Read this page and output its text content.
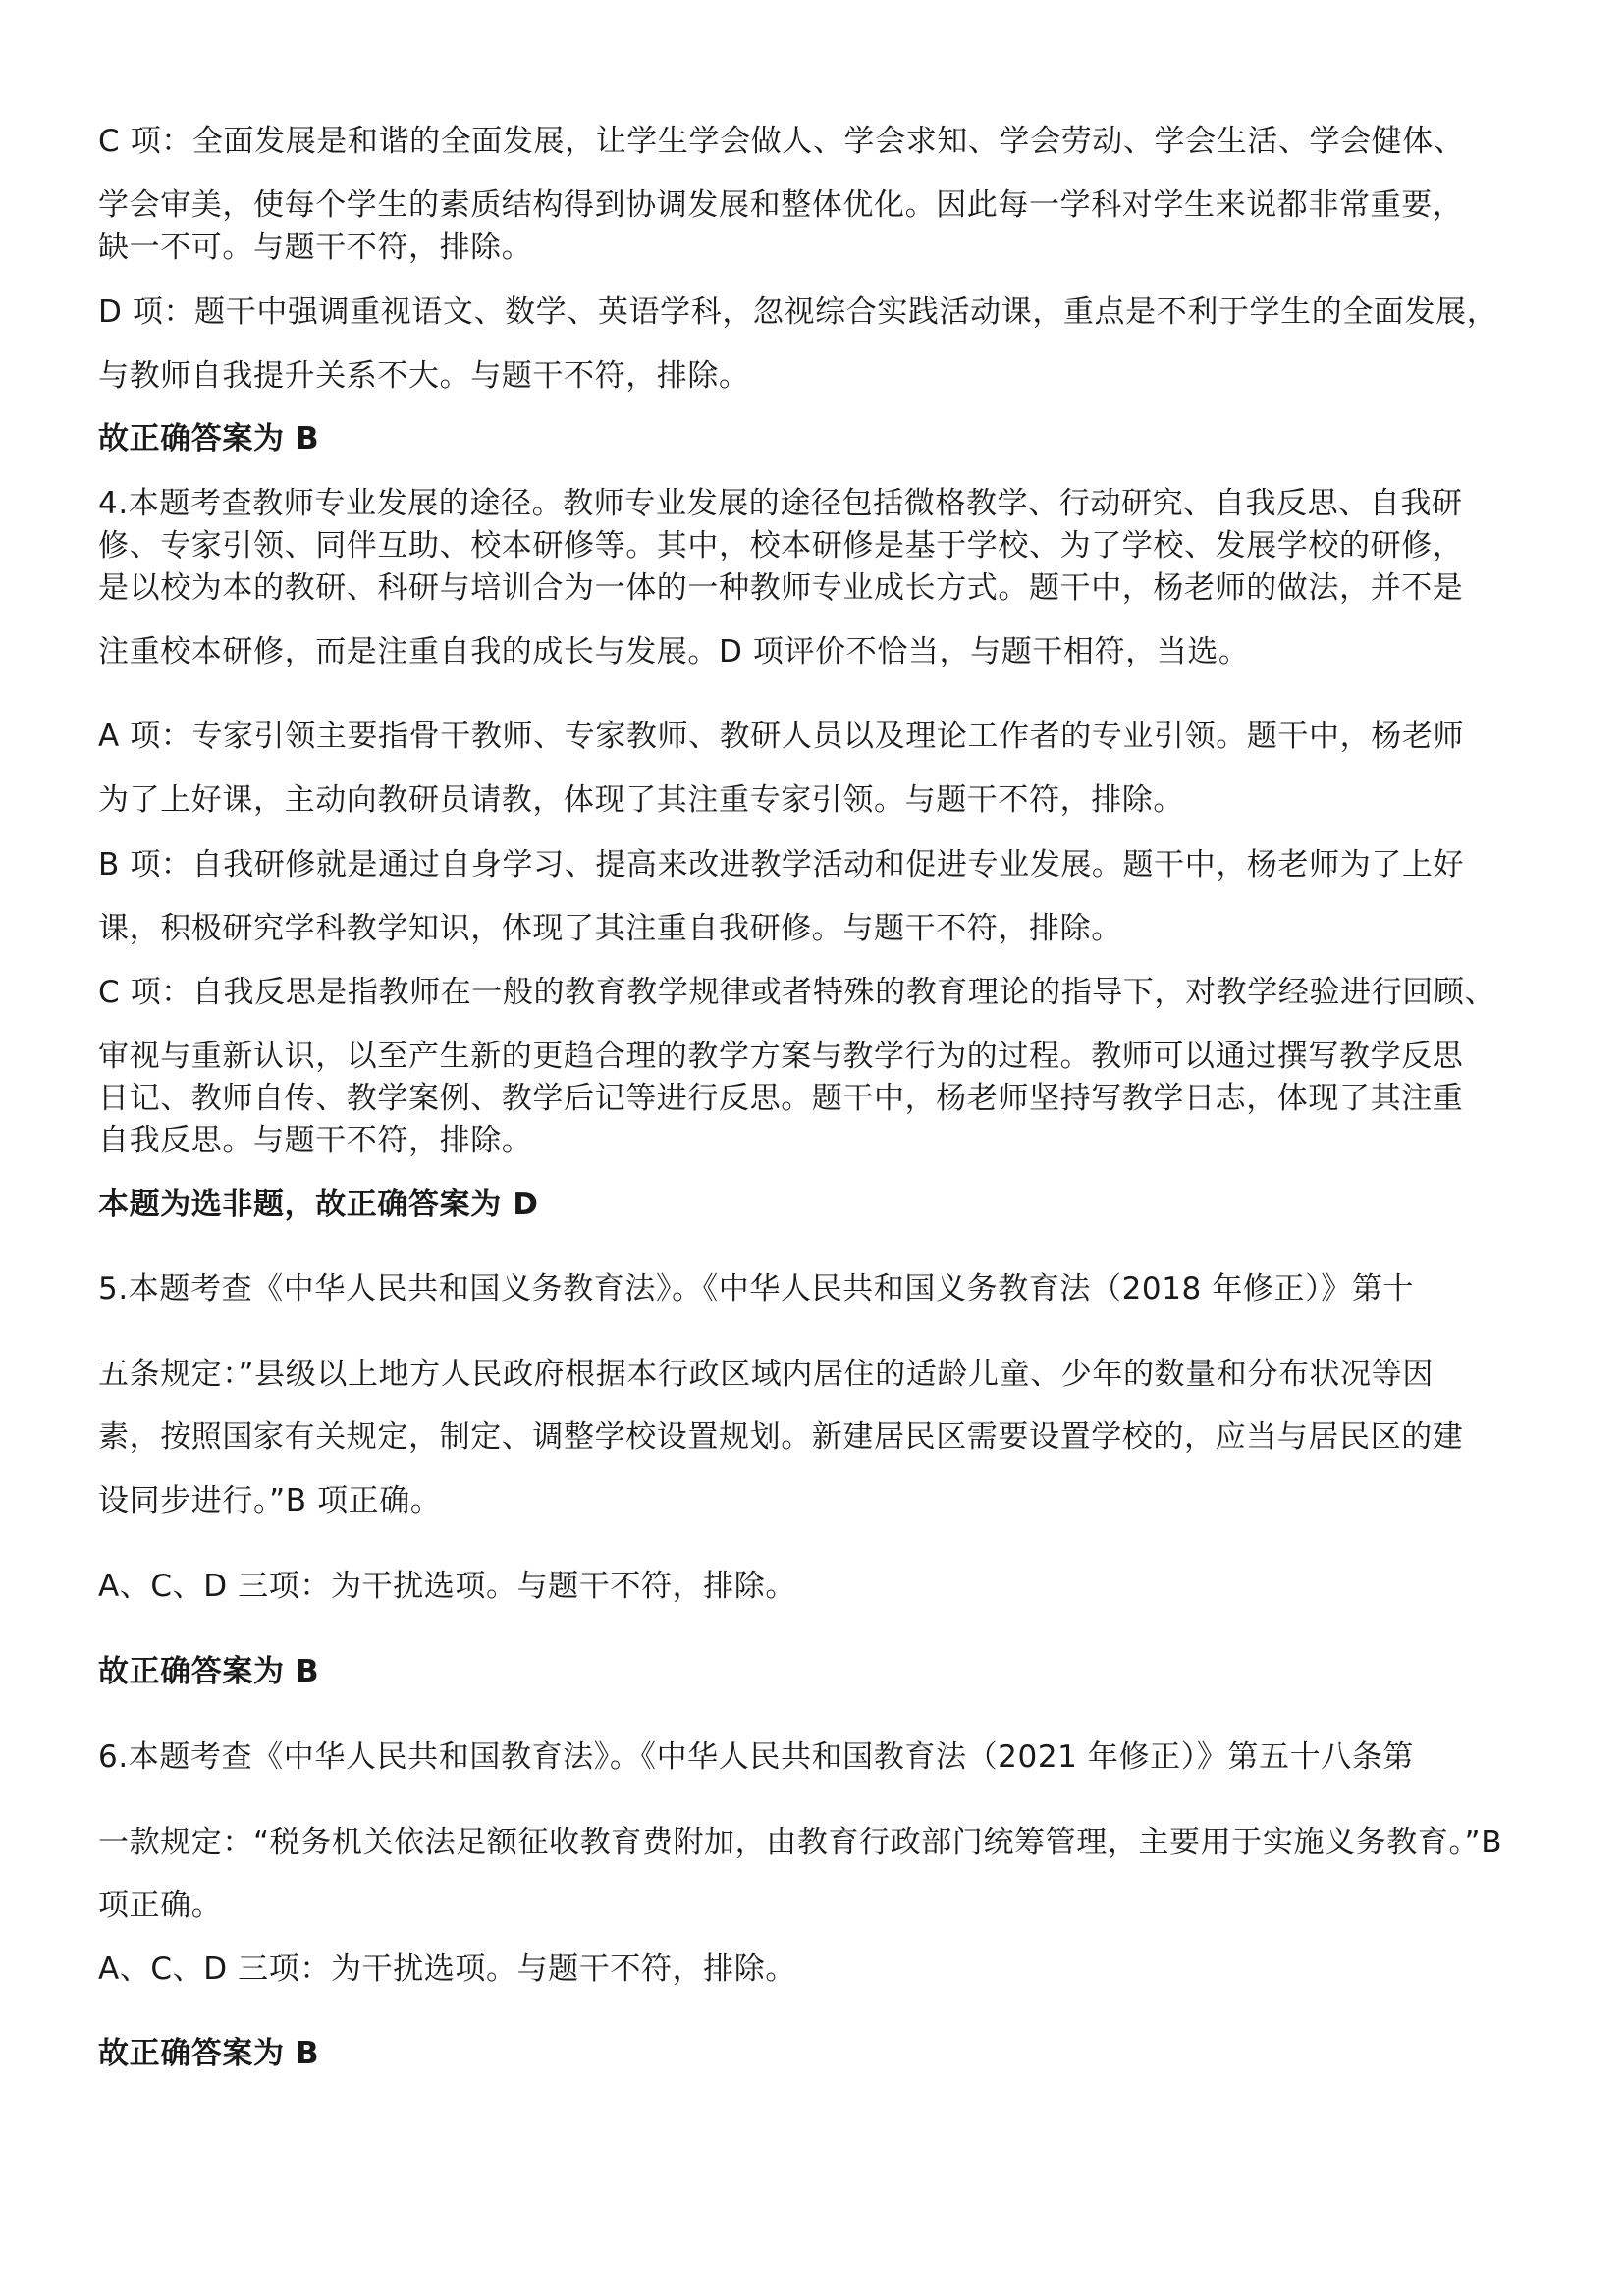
C 项：全面发展是和谐的全面发展，让学生学会做人、学会求知、学会劳动、学会生活、学会健体、

学会审美，使每个学生的素质结构得到协调发展和整体优化。因此每一学科对学生来说都非常重要，

缺一不可。与题干不符，排除。

D 项：题干中强调重视语文、数学、英语学科，忽视综合实践活动课，重点是不利于学生的全面发展，

与教师自我提升关系不大。与题干不符，排除。

故正确答案为 B

4.本题考查教师专业发展的途径。教师专业发展的途径包括微格教学、行动研究、自我反思、自我研

修、专家引领、同伴互助、校本研修等。其中，校本研修是基于学校、为了学校、发展学校的研修，

是以校为本的教研、科研与培训合为一体的一种教师专业成长方式。题干中，杨老师的做法，并不是

注重校本研修，而是注重自我的成长与发展。D 项评价不恰当，与题干相符，当选。

A 项：专家引领主要指骨干教师、专家教师、教研人员以及理论工作者的专业引领。题干中，杨老师

为了上好课，主动向教研员请教，体现了其注重专家引领。与题干不符，排除。

B 项：自我研修就是通过自身学习、提高来改进教学活动和促进专业发展。题干中，杨老师为了上好

课，积极研究学科教学知识，体现了其注重自我研修。与题干不符，排除。

C 项：自我反思是指教师在一般的教育教学规律或者特殊的教育理论的指导下，对教学经验进行回顾、

审视与重新认识，以至产生新的更趋合理的教学方案与教学行为的过程。教师可以通过撰写教学反思

日记、教师自传、教学案例、教学后记等进行反思。题干中，杨老师坚持写教学日志，体现了其注重

自我反思。与题干不符，排除。

本题为选非题，故正确答案为 D

5.本题考查《中华人民共和国义务教育法》。《中华人民共和国义务教育法（2018 年修正）》第十

五条规定：”县级以上地方人民政府根据本行政区域内居住的适龄儿童、少年的数量和分布状况等因

素，按照国家有关规定，制定、调整学校设置规划。新建居民区需要设置学校的，应当与居民区的建

设同步进行。”B 项正确。

A、C、D 三项：为干扰选项。与题干不符，排除。

故正确答案为 B

6.本题考查《中华人民共和国教育法》。《中华人民共和国教育法（2021 年修正）》第五十八条第

一款规定：“税务机关依法足额征收教育费附加，由教育行政部门统筹管理，主要用于实施义务教育。”B

项正确。

A、C、D 三项：为干扰选项。与题干不符，排除。

故正确答案为 B
